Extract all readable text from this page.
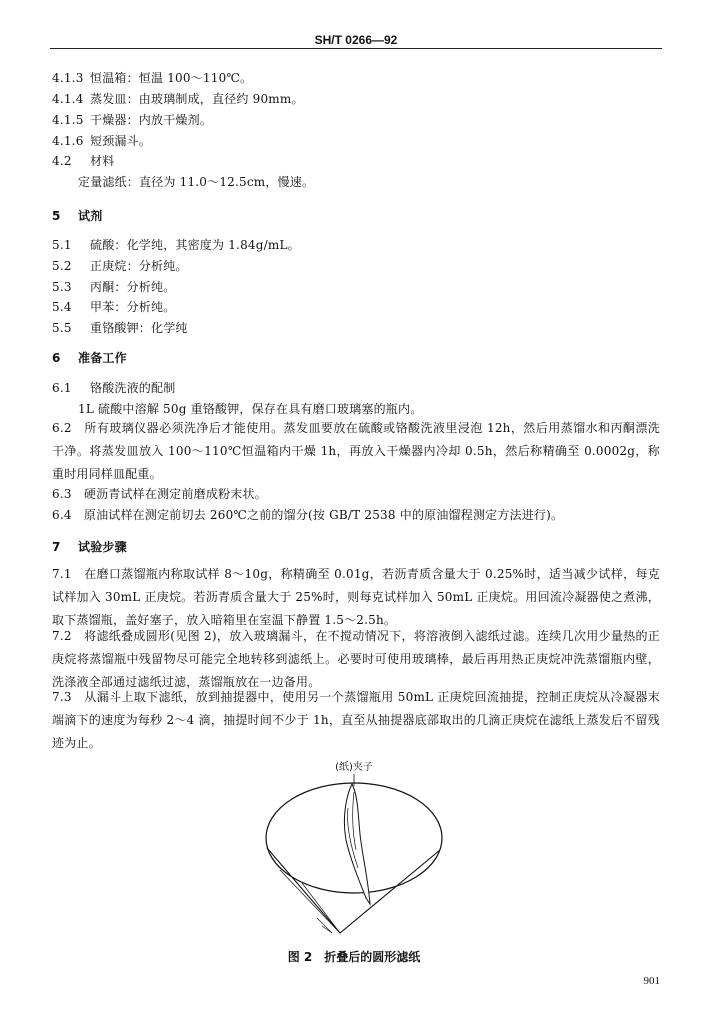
SH/T 0266—92
4.1.3 恒温箱：恒温 100～110℃。
4.1.4 蒸发皿：由玻璃制成，直径约 90mm。
4.1.5 干燥器：内放干燥剂。
4.1.6 短颈漏斗。
4.2 材料
定量滤纸：直径为 11.0～12.5cm，慢速。
5 试剂
5.1 硫酸：化学纯，其密度为 1.84g/mL。
5.2 正庚烷：分析纯。
5.3 丙酮：分析纯。
5.4 甲苯：分析纯。
5.5 重铬酸钾：化学纯
6 准备工作
6.1 铬酸洗液的配制
1L 硫酸中溶解 50g 重铬酸钾，保存在具有磨口玻璃塞的瓶内。
6.2　所有玻璃仪器必须洗净后才能使用。蒸发皿要放在硫酸或铬酸洗液里浸泡 12h，然后用蒸馏水和丙酮漂洗干净。将蒸发皿放入 100～110℃恒温箱内干燥 1h，再放入干燥器内冷却 0.5h，然后称精确至 0.0002g，称重时用同样皿配重。
6.3　硬沥青试样在测定前磨成粉末状。
6.4　原油试样在测定前切去 260℃之前的馏分(按 GB/T 2538 中的原油馏程测定方法进行)。
7 试验步骤
7.1　在磨口蒸馏瓶内称取试样 8～10g，称精确至 0.01g，若沥青质含量大于 0.25%时，适当减少试样，每克试样加入 30mL 正庚烷。若沥青质含量大于 25%时，则每克试样加入 50mL 正庚烷。用回流冷凝器使之煮沸，取下蒸馏瓶，盖好塞子，放入暗箱里在室温下静置 1.5～2.5h。
7.2　将滤纸叠成圆形(见图 2)，放入玻璃漏斗，在不搅动情况下，将溶液倒入滤纸过滤。连续几次用少量热的正庚烷将蒸馏瓶中残留物尽可能完全地转移到滤纸上。必要时可使用玻璃棒，最后再用热正庚烷冲洗蒸馏瓶内壁，洗涤液全部通过滤纸过滤，蒸馏瓶放在一边备用。
7.3　从漏斗上取下滤纸，放到抽提器中，使用另一个蒸馏瓶用 50mL 正庚烷回流抽提，控制正庚烷从冷凝器末端滴下的速度为每秒 2～4 滴，抽提时间不少于 1h，直至从抽提器底部取出的几滴正庚烷在滤纸上蒸发后不留残迹为止。
(纸)夹子
图 2 折叠后的圆形滤纸
901
